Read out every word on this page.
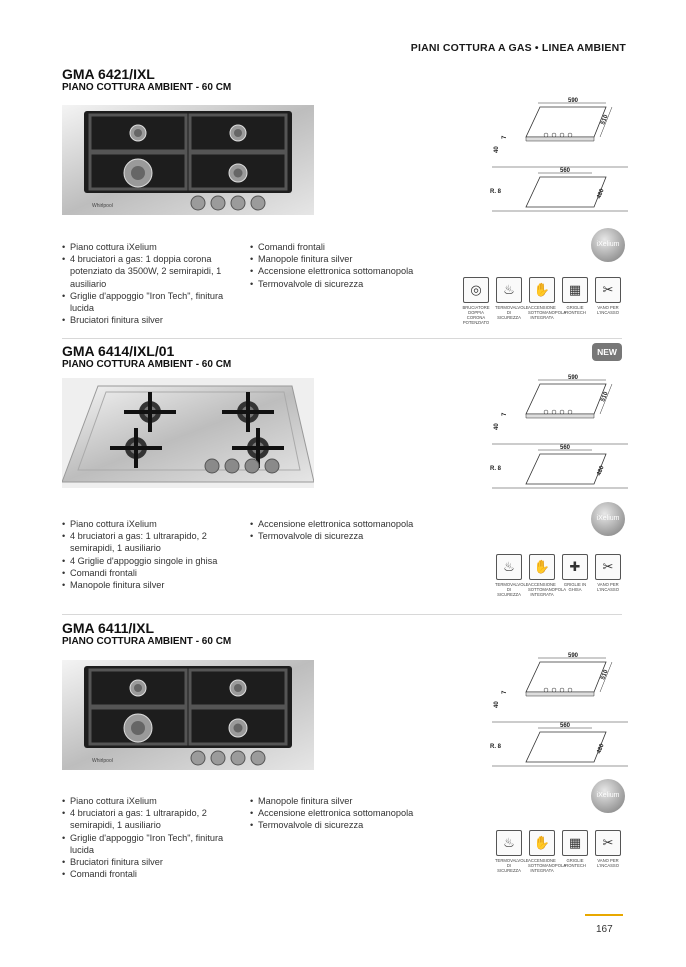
PIANI COTTURA A GAS • LINEA AMBIENT
GMA 6421/IXL
PIANO COTTURA AMBIENT - 60 CM
Whirlpool
• Piano cottura iXelium
• 4 bruciatori a gas: 1 doppia corona potenziato da 3500W, 2 semirapidi, 1 ausiliario
• Griglie d'appoggio "Iron Tech", finitura lucida
• Bruciatori finitura silver
• Comandi frontali
• Manopole finitura silver
• Accensione elettronica sottomanopola
• Termovalvole di sicurezza
590
510
40
7
560
480
R. 8
iXelium
◎
BRUCIATORE DOPPIA CORONA POTENZIATO
♨
TERMOVALVOLE DI SICUREZZA
✋
ACCENSIONE SOTTOMANOPOLA INTEGRATA
▦
GRIGLIE IRONTECH
✂
VANO PER L'INCASSO
GMA 6414/IXL/01
PIANO COTTURA AMBIENT - 60 CM
NEW
• Piano cottura iXelium
• 4 bruciatori a gas: 1 ultrarapido, 2 semirapidi, 1 ausiliario
• 4 Griglie d'appoggio singole in ghisa
• Comandi frontali
• Manopole finitura silver
• Accensione elettronica sottomanopola
• Termovalvole di sicurezza
590
510
40
7
560
480
R. 8
iXelium
♨
TERMOVALVOLE DI SICUREZZA
✋
ACCENSIONE SOTTOMANOPOLA INTEGRATA
✚
GRIGLIE IN GHISA
✂
VANO PER L'INCASSO
GMA 6411/IXL
PIANO COTTURA AMBIENT - 60 CM
Whirlpool
• Piano cottura iXelium
• 4 bruciatori a gas: 1 ultrarapido, 2 semirapidi, 1 ausiliario
• Griglie d'appoggio "Iron Tech", finitura lucida
• Bruciatori finitura silver
• Comandi frontali
• Manopole finitura silver
• Accensione elettronica sottomanopola
• Termovalvole di sicurezza
590
510
40
7
560
480
R. 8
iXelium
♨
TERMOVALVOLE DI SICUREZZA
✋
ACCENSIONE SOTTOMANOPOLA INTEGRATA
▦
GRIGLIE IRONTECH
✂
VANO PER L'INCASSO
167
